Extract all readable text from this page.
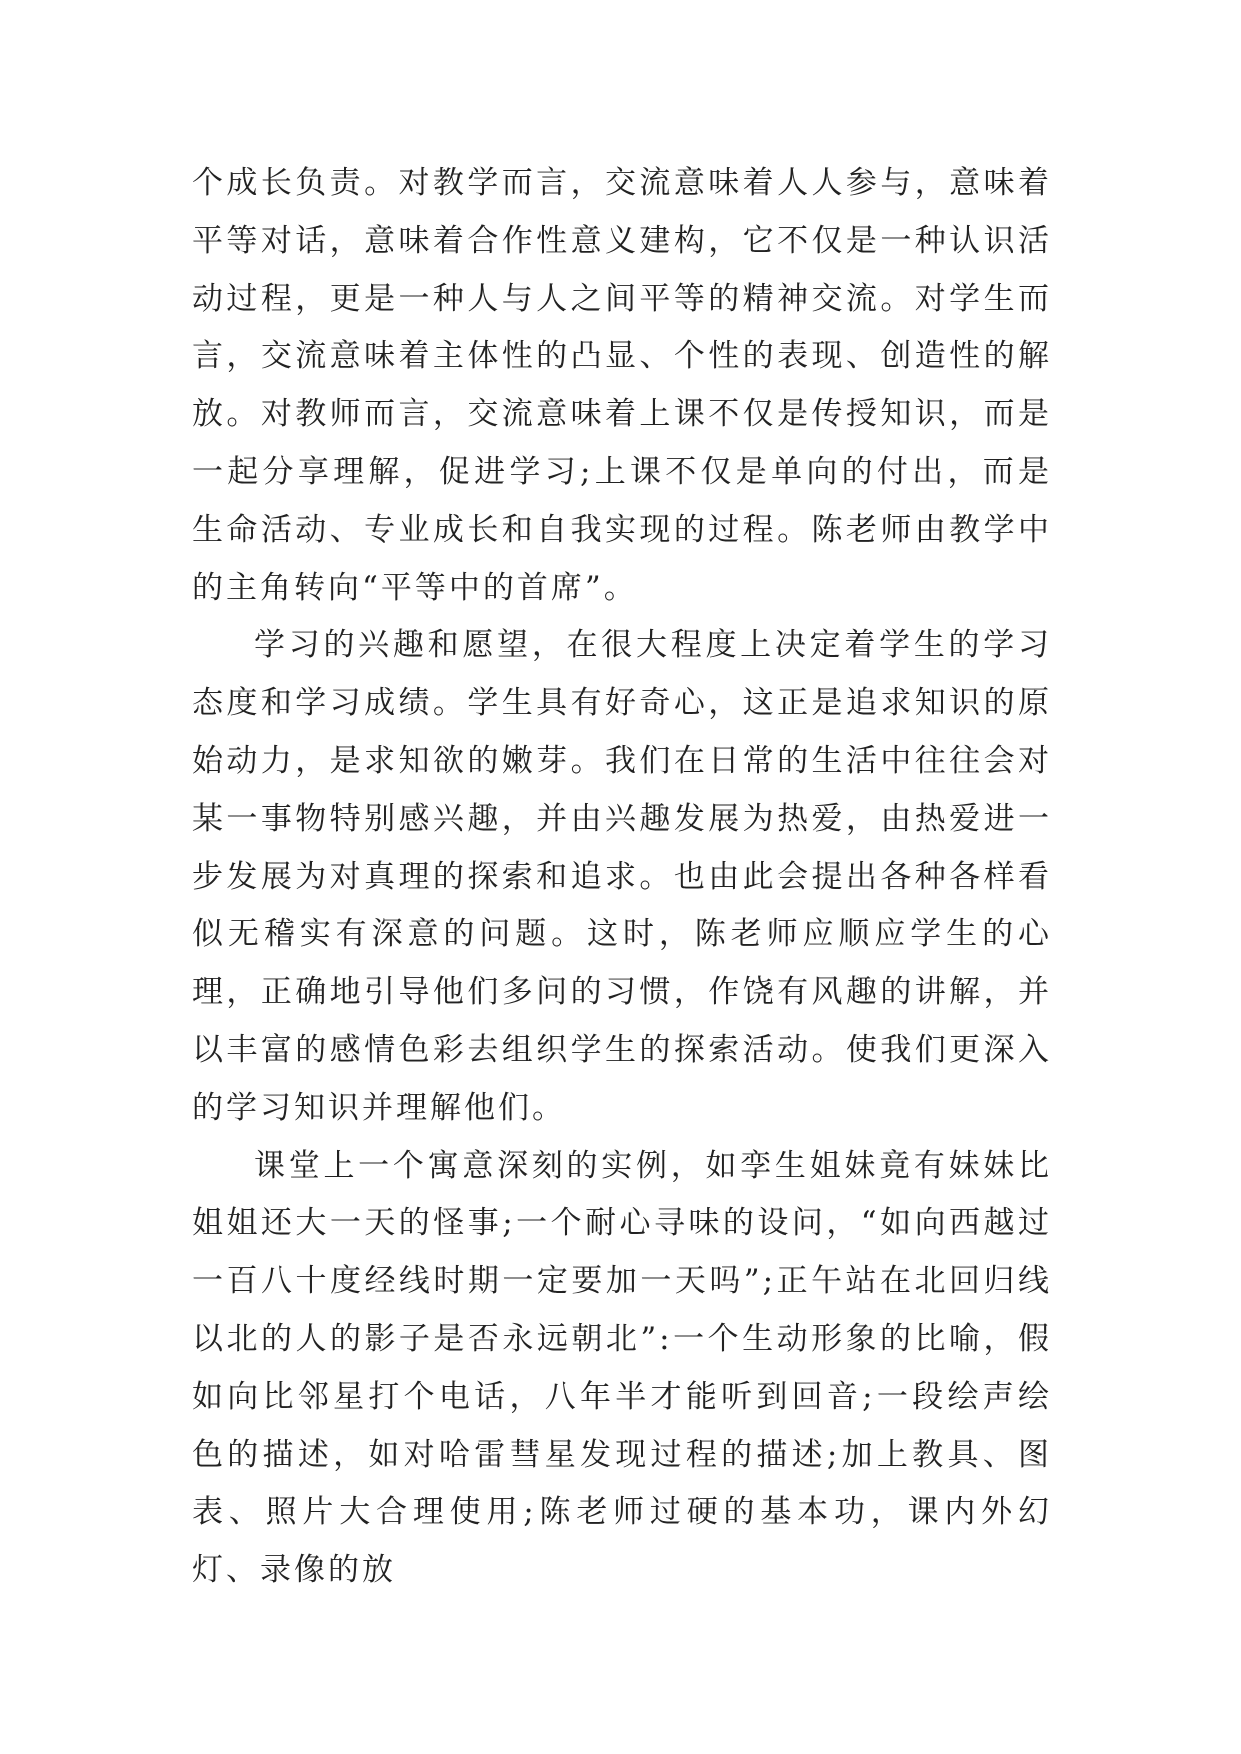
个成长负责。对教学而言，交流意味着人人参与，意味着平等对话，意味着合作性意义建构，它不仅是一种认识活动过程，更是一种人与人之间平等的精神交流。对学生而言，交流意味着主体性的凸显、个性的表现、创造性的解放。对教师而言，交流意味着上课不仅是传授知识，而是一起分享理解，促进学习;上课不仅是单向的付出，而是生命活动、专业成长和自我实现的过程。陈老师由教学中的主角转向“平等中的首席”。

学习的兴趣和愿望，在很大程度上决定着学生的学习态度和学习成绩。学生具有好奇心，这正是追求知识的原始动力，是求知欲的嫩芽。我们在日常的生活中往往会对某一事物特别感兴趣，并由兴趣发展为热爱，由热爱进一步发展为对真理的探索和追求。也由此会提出各种各样看似无稽实有深意的问题。这时，陈老师应顺应学生的心理，正确地引导他们多问的习惯，作饶有风趣的讲解，并以丰富的感情色彩去组织学生的探索活动。使我们更深入的学习知识并理解他们。

课堂上一个寓意深刻的实例，如孪生姐妹竟有妹妹比姐姐还大一天的怪事;一个耐心寻味的设问，“如向西越过一百八十度经线时期一定要加一天吗”;正午站在北回归线以北的人的影子是否永远朝北”:一个生动形象的比喻，假如向比邻星打个电话，八年半才能听到回音;一段绘声绘色的描述，如对哈雷彗星发现过程的描述;加上教具、图表、照片大合理使用;陈老师过硬的基本功，课内外幻灯、录像的放
